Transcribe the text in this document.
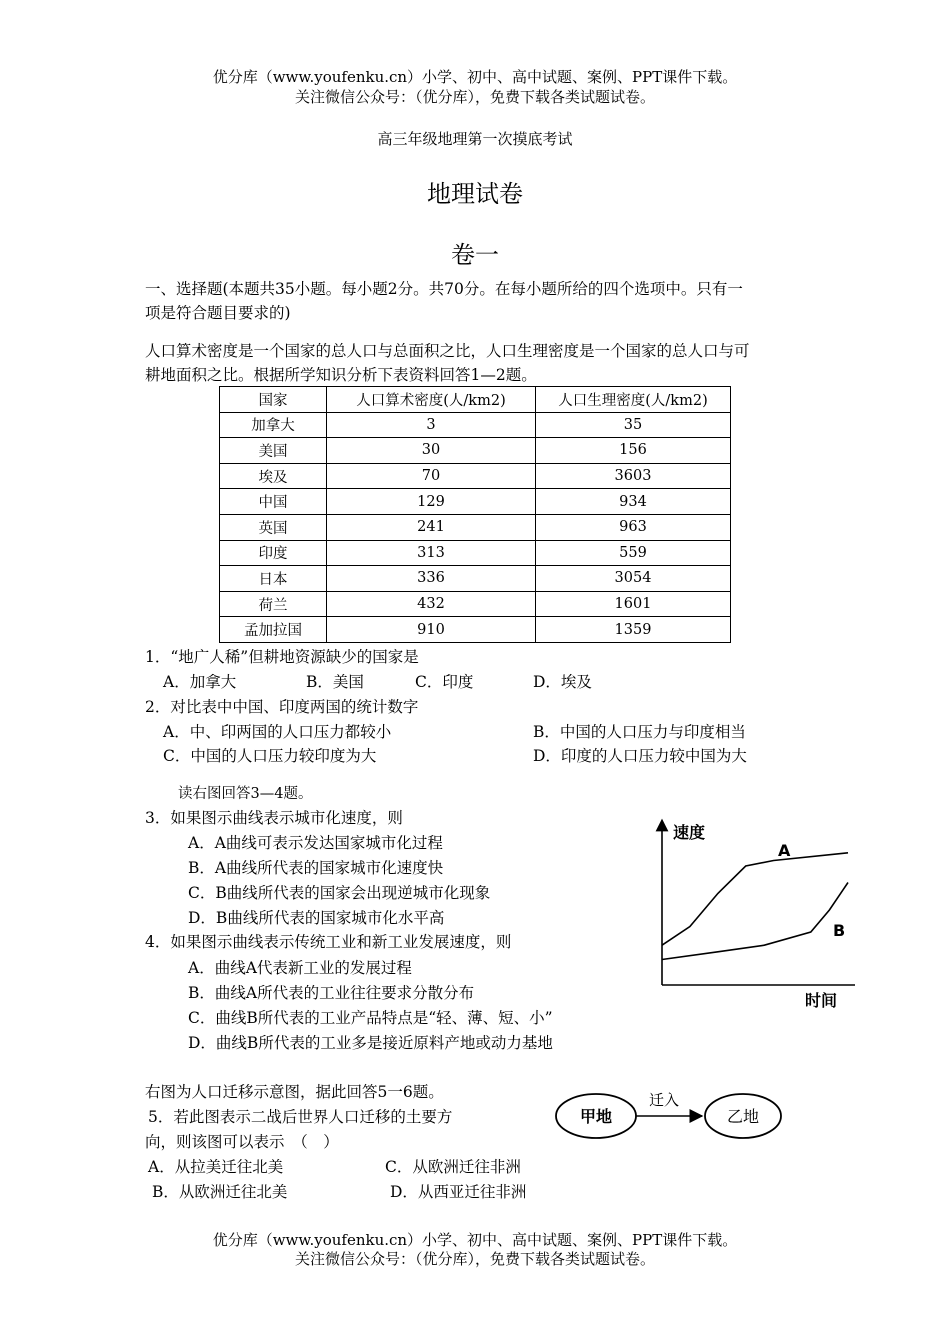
优分库（www.youfenku.cn）小学、初中、高中试题、案例、PPT课件下载。
关注微信公众号：（优分库），免费下载各类试题试卷。
高三年级地理第一次摸底考试
地理试卷
卷一
一、选择题(本题共35小题。每小题2分。共70分。在每小题所给的四个选项中。只有一
项是符合题目要求的)
人口算术密度是一个国家的总人口与总面积之比，人口生理密度是一个国家的总人口与可
耕地面积之比。根据所学知识分析下表资料回答1—2题。
国家	人口算术密度(人/km2)	人口生理密度(人/km2)
加拿大	3	35
美国	30	156
埃及	70	3603
中国	129	934
英国	241	963
印度	313	559
日本	336	3054
荷兰	432	1601
孟加拉国	910	1359
1．“地广人稀”但耕地资源缺少的国家是
A．加拿大	B．美国	C．印度	D．埃及
2．对比表中中国、印度两国的统计数字
A．中、印两国的人口压力都较小	B．中国的人口压力与印度相当
C．中国的人口压力较印度为大	D．印度的人口压力较中国为大
读右图回答3—4题。
3．如果图示曲线表示城市化速度，则
A．A曲线可表示发达国家城市化过程
B．A曲线所代表的国家城市化速度快
C．B曲线所代表的国家会出现逆城市化现象
D．B曲线所代表的国家城市化水平高
4．如果图示曲线表示传统工业和新工业发展速度，则
A．曲线A代表新工业的发展过程
B．曲线A所代表的工业往往要求分散分布
C．曲线B所代表的工业产品特点是“轻、薄、短、小”
D．曲线B所代表的工业多是接近原料产地或动力基地
速度
时间
A
B
右图为人口迁移示意图，据此回答5一6题。
5．若此图表示二战后世界人口迁移的土要方
向，则该图可以表示　（　）
A．从拉美迁往北美	C．从欧洲迁往非洲
B．从欧洲迁往北美	D．从西亚迁往非洲
甲地
迁入
乙地
优分库（www.youfenku.cn）小学、初中、高中试题、案例、PPT课件下载。
关注微信公众号：（优分库），免费下载各类试题试卷。
